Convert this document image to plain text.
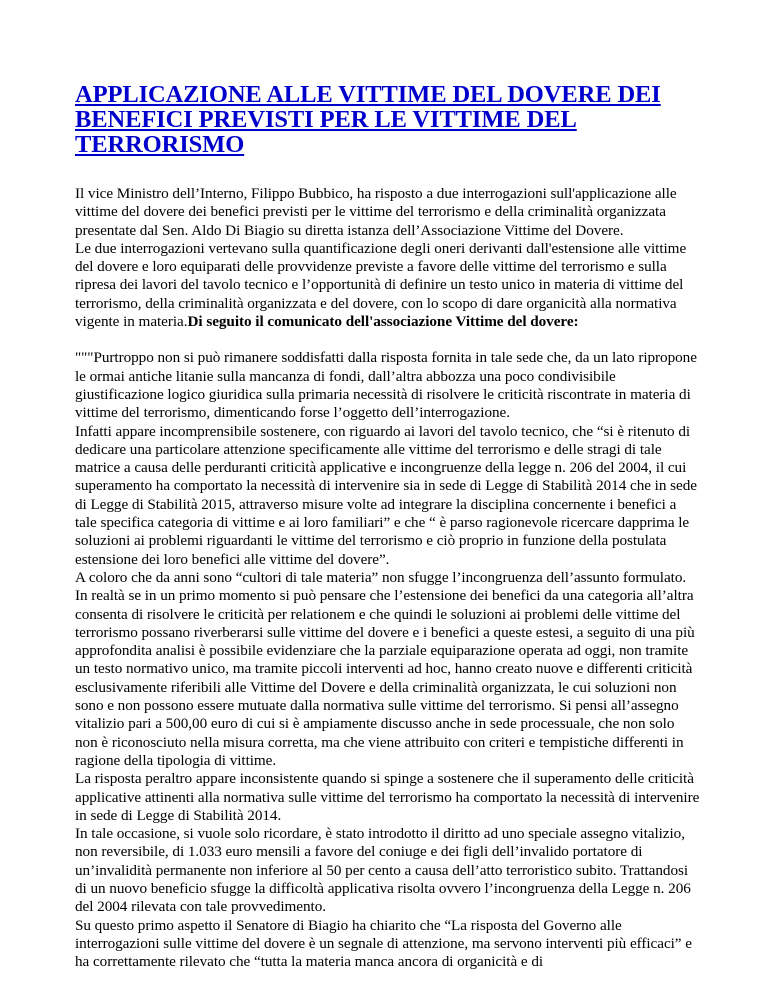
APPLICAZIONE ALLE VITTIME DEL DOVERE DEI BENEFICI PREVISTI PER LE VITTIME DEL TERRORISMO

Il vice Ministro dell’Interno, Filippo Bubbico, ha risposto a due interrogazioni sull'applicazione alle vittime del dovere dei benefici previsti per le vittime del terrorismo e della criminalità organizzata presentate dal Sen. Aldo Di Biagio su diretta istanza dell’Associazione Vittime del Dovere.

Le due interrogazioni vertevano sulla quantificazione degli oneri derivanti dall'estensione alle vittime del dovere e loro equiparati delle provvidenze previste a favore delle vittime del terrorismo e sulla ripresa dei lavori del tavolo tecnico e l’opportunità di definire un testo unico in materia di vittime del terrorismo, della criminalità organizzata e del dovere, con lo scopo di dare organicità alla normativa vigente in materia.Di seguito il comunicato dell'associazione Vittime del dovere:

"""Purtroppo non si può rimanere soddisfatti dalla risposta fornita in tale sede che, da un lato ripropone le ormai antiche litanie sulla mancanza di fondi, dall’altra abbozza una poco condivisibile giustificazione logico giuridica sulla primaria necessità di risolvere le criticità riscontrate in materia di vittime del terrorismo, dimenticando forse l’oggetto dell’interrogazione.

Infatti appare incomprensibile sostenere, con riguardo ai lavori del tavolo tecnico, che “si è ritenuto di dedicare una particolare attenzione specificamente alle vittime del terrorismo e delle stragi di tale matrice a causa delle perduranti criticità applicative e incongruenze della legge n. 206 del 2004, il cui superamento ha comportato la necessità di intervenire sia in sede di Legge di Stabilità 2014 che in sede di Legge di Stabilità 2015, attraverso misure volte ad integrare la disciplina concernente i benefici a tale specifica categoria di vittime e ai loro familiari” e che “ è parso ragionevole ricercare dapprima le soluzioni ai problemi riguardanti le vittime del terrorismo e ciò proprio in funzione della postulata estensione dei loro benefici alle vittime del dovere”.

A coloro che da anni sono “cultori di tale materia” non sfugge l’incongruenza dell’assunto formulato.

In realtà se in un primo momento si può pensare che l’estensione dei benefici da una categoria all’altra consenta di risolvere le criticità per relationem e che quindi le soluzioni ai problemi delle vittime del terrorismo possano riverberarsi sulle vittime del dovere e i benefici a queste estesi, a seguito di una più approfondita analisi è possibile evidenziare che la parziale equiparazione operata ad oggi, non tramite un testo normativo unico, ma tramite piccoli interventi ad hoc, hanno creato nuove e differenti criticità esclusivamente riferibili alle Vittime del Dovere e della criminalità organizzata, le cui soluzioni non sono e non possono essere mutuate dalla normativa sulle vittime del terrorismo. Si pensi all’assegno vitalizio pari a 500,00 euro di cui si è ampiamente discusso anche in sede processuale, che non solo non è riconosciuto nella misura corretta, ma che viene attribuito con criteri e tempistiche differenti in ragione della tipologia di vittime.

La risposta peraltro appare inconsistente quando si spinge a sostenere che il superamento delle criticità applicative attinenti alla normativa sulle vittime del terrorismo ha comportato la necessità di intervenire in sede di Legge di Stabilità 2014.

In tale occasione, si vuole solo ricordare, è stato introdotto il diritto ad uno speciale assegno vitalizio, non reversibile, di 1.033 euro mensili a favore del coniuge e dei figli dell’invalido portatore di un’invalidità permanente non inferiore al 50 per cento a causa dell’atto terroristico subito. Trattandosi di un nuovo beneficio sfugge la difficoltà applicativa risolta ovvero l’incongruenza della Legge n. 206 del 2004 rilevata con tale provvedimento.

Su questo primo aspetto il Senatore di Biagio ha chiarito che “La risposta del Governo alle interrogazioni sulle vittime del dovere è un segnale di attenzione, ma servono interventi più efficaci” e ha correttamente rilevato che “tutta la materia manca ancora di organicità e di
